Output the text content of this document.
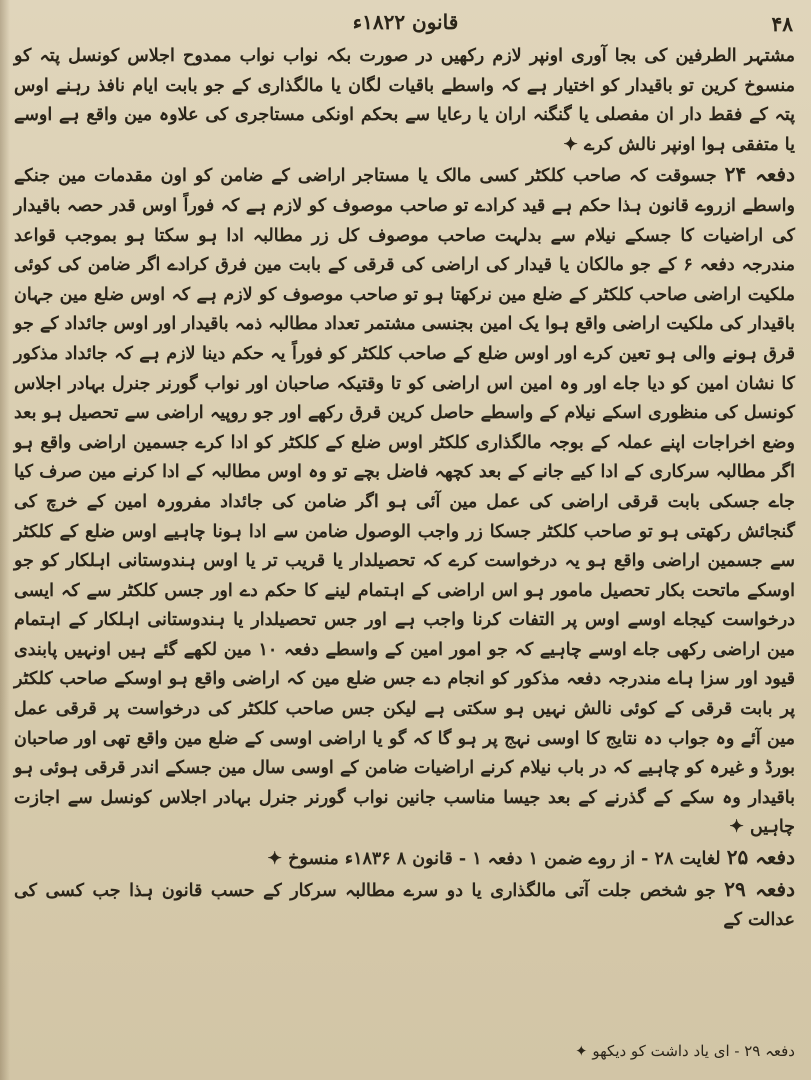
۴۸
قانون ۱۸۲۲ء

مشتہر الطرفین کی بجا آوری اونپر لازم رکھیں در صورت بکہ نواب نواب ممدوح اجلاس کونسل پتہ کو منسوخ کرین تو باقیدار کو اختیار ہے کہ واسطے باقیات لگان یا مالگذاری کے جو بابت ایام نافذ رہنے اوس پتہ کے فقط دار ان مفصلی یا گنگنہ اران یا رعایا سے بحکم اونکی مستاجری کی علاوہ مین واقع ہے اوسے یا متفقی ہوا اونپر نالش کرے ✦

دفعہ ۲۴ جسوقت کہ صاحب کلکٹر کسی مالک یا مستاجر اراضی کے ضامن کو اون مقدمات مین جنکے واسطے ازروے قانون ہذا حکم ہے قید کرادے تو صاحب موصوف کو لازم ہے کہ فوراً اوس قدر حصہ باقیدار کی اراضیات کا جسکے نیلام سے بدلہت صاحب موصوف کل زر مطالبہ ادا ہو سکتا ہو بموجب قواعد مندرجہ دفعہ ۶ کے جو مالکان یا قیدار کی اراضی کی قرقی کے بابت مین فرق کرادے اگر ضامن کی کوئی ملکیت اراضی صاحب کلکٹر کے ضلع مین نرکھتا ہو تو صاحب موصوف کو لازم ہے کہ اوس ضلع مین جہان باقیدار کی ملکیت اراضی واقع ہوا یک امین بجنسی مشتمر تعداد مطالبہ ذمہ باقیدار اور اوس جائداد کے جو قرق ہونے والی ہو تعین کرے اور اوس ضلع کے صاحب کلکٹر کو فوراً یہ حکم دینا لازم ہے کہ جائداد مذکور کا نشان امین کو دیا جاے اور وہ امین اس اراضی کو تا وقتیکہ صاحبان اور نواب گورنر جنرل بہادر اجلاس کونسل کی منظوری اسکے نیلام کے واسطے حاصل کرین قرق رکھے اور جو روپیہ اراضی سے تحصیل ہو بعد وضع اخراجات اپنے عملہ کے بوجہ مالگذاری کلکٹر اوس ضلع کے کلکٹر کو ادا کرے جسمین اراضی واقع ہو اگر مطالبہ سرکاری کے ادا کیے جانے کے بعد کچھہ فاضل بچے تو وہ اوس مطالبہ کے ادا کرنے مین صرف کیا جاے جسکی بابت قرقی اراضی کی عمل مین آئی ہو اگر ضامن کی جائداد مفرورہ امین کے خرچ کی گنجائش رکھتی ہو تو صاحب کلکٹر جسکا زر واجب الوصول ضامن سے ادا ہونا چاہیے اوس ضلع کے کلکٹر سے جسمین اراضی واقع ہو یہ درخواست کرے کہ تحصیلدار یا قریب تر یا اوس ہندوستانی اہلکار کو جو اوسکے ماتحت بکار تحصیل مامور ہو اس اراضی کے اہتمام لینے کا حکم دے اور جسں کلکٹر سے کہ ایسی درخواست کیجاے اوسے اوس پر التفات کرنا واجب ہے اور جس تحصیلدار یا ہندوستانی اہلکار کے اہتمام مین اراضی رکھی جاے اوسے چاہیے کہ جو امور امین کے واسطے دفعہ ۱۰ مین لکھے گئے ہیں اونہیں پابندی قیود اور سزا ہاے مندرجہ دفعہ مذکور کو انجام دے جس ضلع مین کہ اراضی واقع ہو اوسکے صاحب کلکٹر پر بابت قرقی کے کوئی نالش نہیں ہو سکتی ہے لیکن جس صاحب کلکٹر کی درخواست پر قرقی عمل مین آئے وہ جواب دہ نتایج کا اوسی نہج پر ہو گا کہ گو یا اراضی اوسی کے ضلع مین واقع تھی اور صاحبان بورڈ و غیرہ کو چاہیے کہ در باب نیلام کرنے اراضیات ضامن کے اوسی سال مین جسکے اندر قرقی ہوئی ہو باقیدار وہ سکے کے گذرنے کے بعد جیسا مناسب جانین نواب گورنر جنرل بہادر اجلاس کونسل سے اجازت چاہیں ✦

دفعہ ۲۵ لغایت ۲۸ - از روے ضمن ۱ دفعہ ۱ - قانون ۸ ۱۸۳۶ء منسوخ ✦

دفعہ ۲۹ جو شخص جلت آتی مالگذاری یا دو سرے مطالبہ سرکار کے حسب قانون ہذا جب کسی کی عدالت کے

دفعہ ۲۹ - ای یاد داشت کو دیکھو ✦
